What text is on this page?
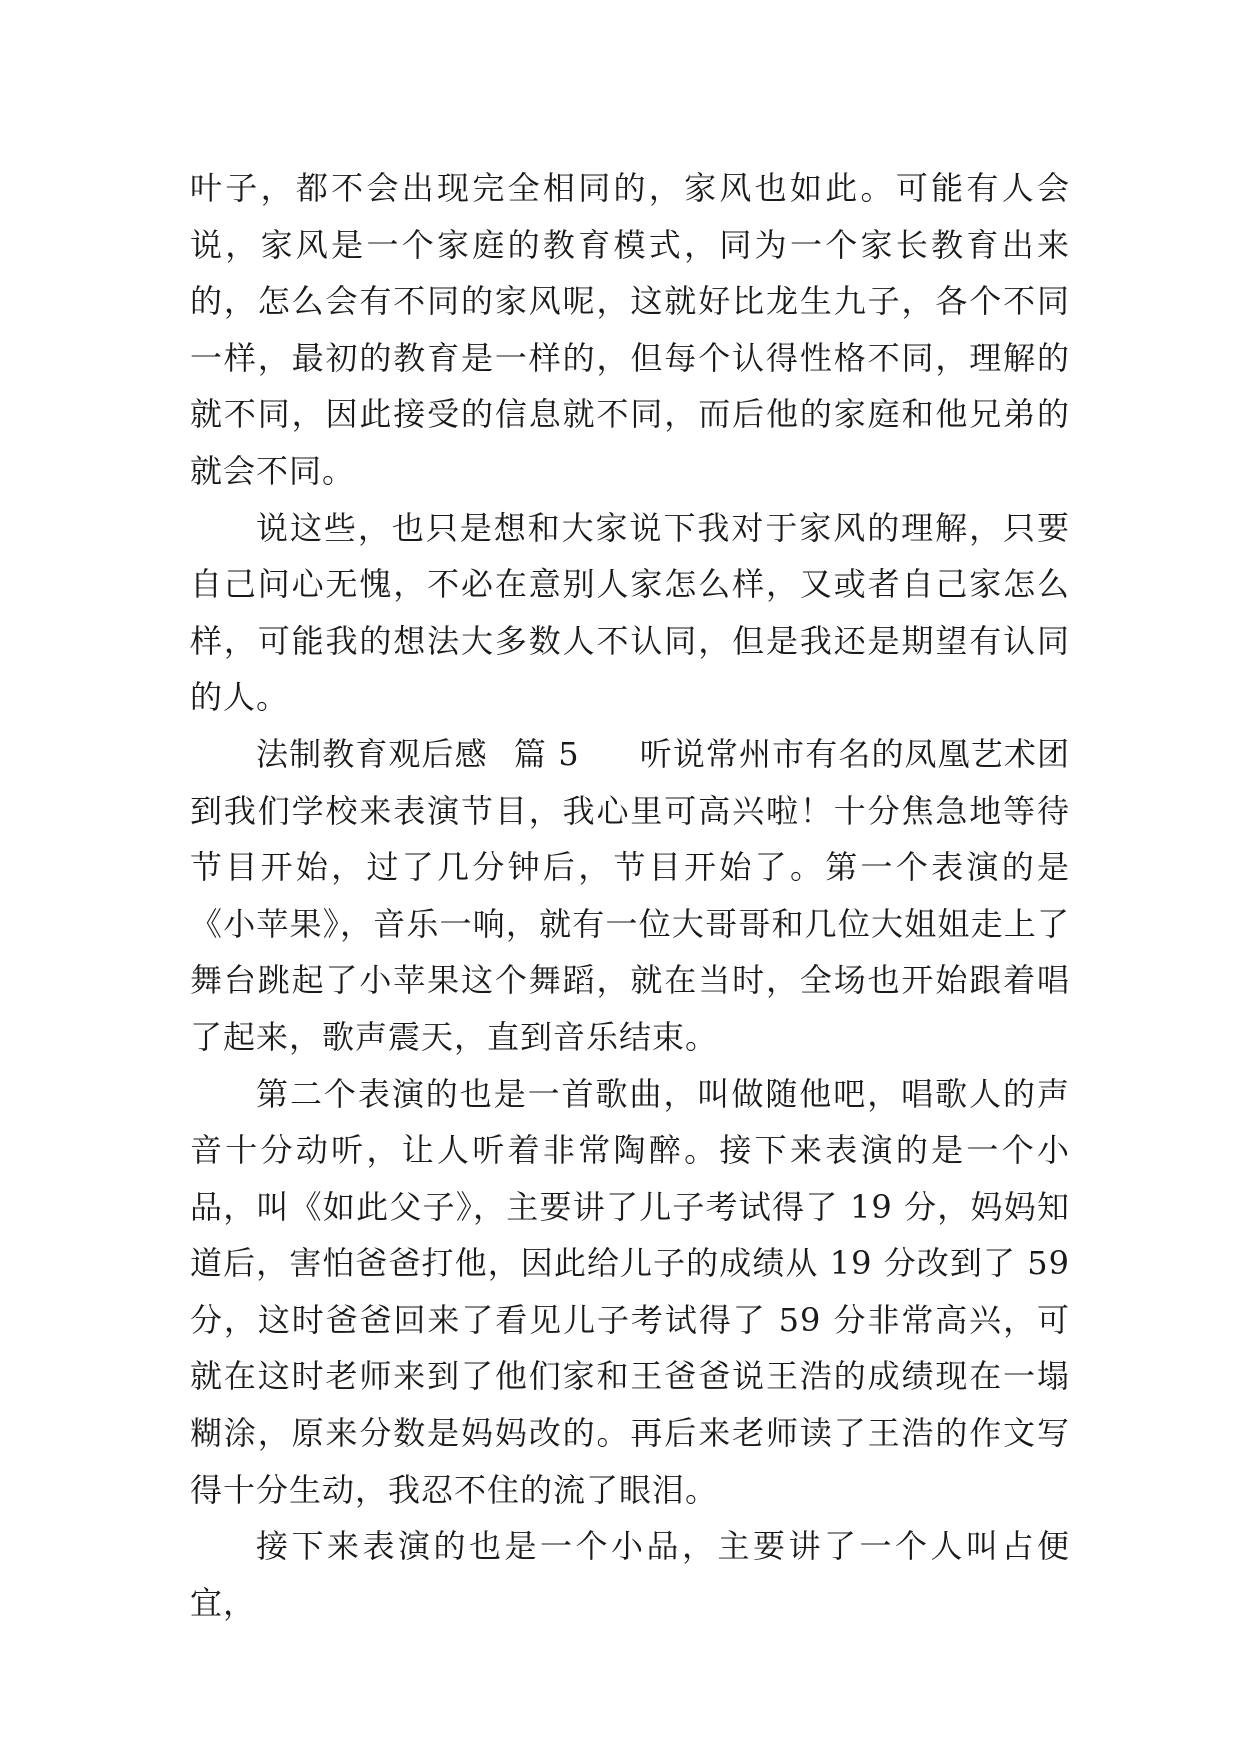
叶子，都不会出现完全相同的，家风也如此。可能有人会说，家风是一个家庭的教育模式，同为一个家长教育出来的，怎么会有不同的家风呢，这就好比龙生九子，各个不同一样，最初的教育是一样的，但每个认得性格不同，理解的就不同，因此接受的信息就不同，而后他的家庭和他兄弟的就会不同。

说这些，也只是想和大家说下我对于家风的理解，只要自己问心无愧，不必在意别人家怎么样，又或者自己家怎么样，可能我的想法大多数人不认同，但是我还是期望有认同的人。

法制教育观后感 篇 5 听说常州市有名的凤凰艺术团到我们学校来表演节目，我心里可高兴啦！十分焦急地等待节目开始，过了几分钟后，节目开始了。第一个表演的是《小苹果》，音乐一响，就有一位大哥哥和几位大姐姐走上了舞台跳起了小苹果这个舞蹈，就在当时，全场也开始跟着唱了起来，歌声震天，直到音乐结束。

第二个表演的也是一首歌曲，叫做随他吧，唱歌人的声音十分动听，让人听着非常陶醉。接下来表演的是一个小品，叫《如此父子》，主要讲了儿子考试得了 19 分，妈妈知道后，害怕爸爸打他，因此给儿子的成绩从 19 分改到了 59 分，这时爸爸回来了看见儿子考试得了 59 分非常高兴，可就在这时老师来到了他们家和王爸爸说王浩的成绩现在一塌糊涂，原来分数是妈妈改的。再后来老师读了王浩的作文写得十分生动，我忍不住的流了眼泪。

接下来表演的也是一个小品，主要讲了一个人叫占便宜，
